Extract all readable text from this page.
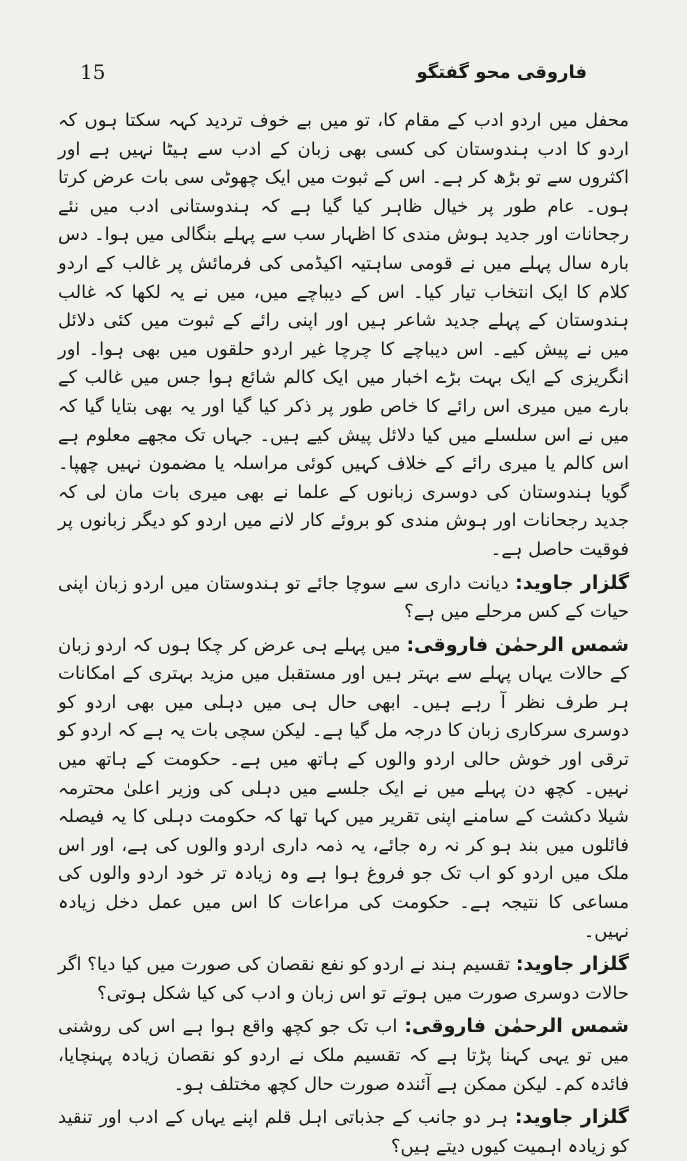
15	فاروقی محو گفتگو

محفل میں اردو ادب کے مقام کا، تو میں بے خوف تردید کہہ سکتا ہوں کہ اردو کا ادب ہندوستان کی کسی بھی زبان کے ادب سے ہیٹا نہیں ہے اور اکثروں سے تو بڑھ کر ہے۔ اس کے ثبوت میں ایک چھوٹی سی بات عرض کرتا ہوں۔ عام طور پر خیال ظاہر کیا گیا ہے کہ ہندوستانی ادب میں نئے رجحانات اور جدید ہوش مندی کا اظہار سب سے پہلے بنگالی میں ہوا۔ دس بارہ سال پہلے میں نے قومی ساہتیہ اکیڈمی کی فرمائش پر غالب کے اردو کلام کا ایک انتخاب تیار کیا۔ اس کے دیباچے میں، میں نے یہ لکھا کہ غالب ہندوستان کے پہلے جدید شاعر ہیں اور اپنی رائے کے ثبوت میں کئی دلائل میں نے پیش کیے۔ اس دیباچے کا چرچا غیر اردو حلقوں میں بھی ہوا۔ اور انگریزی کے ایک بہت بڑے اخبار میں ایک کالم شائع ہوا جس میں غالب کے بارے میں میری اس رائے کا خاص طور پر ذکر کیا گیا اور یہ بھی بتایا گیا کہ میں نے اس سلسلے میں کیا دلائل پیش کیے ہیں۔ جہاں تک مجھے معلوم ہے اس کالم یا میری رائے کے خلاف کہیں کوئی مراسلہ یا مضمون نہیں چھپا۔ گویا ہندوستان کی دوسری زبانوں کے علما نے بھی میری بات مان لی کہ جدید رجحانات اور ہوش مندی کو بروئے کار لانے میں اردو کو دیگر زبانوں پر فوقیت حاصل ہے۔

گلزار جاوید: دیانت داری سے سوچا جائے تو ہندوستان میں اردو زبان اپنی حیات کے کس مرحلے میں ہے؟

شمس الرحمٰن فاروقی: میں پہلے ہی عرض کر چکا ہوں کہ اردو زبان کے حالات یہاں پہلے سے بہتر ہیں اور مستقبل میں مزید بہتری کے امکانات ہر طرف نظر آ رہے ہیں۔ ابھی حال ہی میں دہلی میں بھی اردو کو دوسری سرکاری زبان کا درجہ مل گیا ہے۔ لیکن سچی بات یہ ہے کہ اردو کو ترقی اور خوش حالی اردو والوں کے ہاتھ میں ہے۔ حکومت کے ہاتھ میں نہیں۔ کچھ دن پہلے میں نے ایک جلسے میں دہلی کی وزیر اعلیٰ محترمہ شیلا دکشت کے سامنے اپنی تقریر میں کہا تھا کہ حکومت دہلی کا یہ فیصلہ فائلوں میں بند ہو کر نہ رہ جائے، یہ ذمہ داری اردو والوں کی ہے، اور اس ملک میں اردو کو اب تک جو فروغ ہوا ہے وہ زیادہ تر خود اردو والوں کی مساعی کا نتیجہ ہے۔ حکومت کی مراعات کا اس میں عمل دخل زیادہ نہیں۔

گلزار جاوید: تقسیم ہند نے اردو کو نفع نقصان کی صورت میں کیا دیا؟ اگر حالات دوسری صورت میں ہوتے تو اس زبان و ادب کی کیا شکل ہوتی؟

شمس الرحمٰن فاروقی: اب تک جو کچھ واقع ہوا ہے اس کی روشنی میں تو یہی کہنا پڑتا ہے کہ تقسیم ملک نے اردو کو نقصان زیادہ پہنچایا، فائدہ کم۔ لیکن ممکن ہے آئندہ صورت حال کچھ مختلف ہو۔

گلزار جاوید: ہر دو جانب کے جذباتی اہل قلم اپنے یہاں کے ادب اور تنقید کو زیادہ اہمیت کیوں دیتے ہیں؟
